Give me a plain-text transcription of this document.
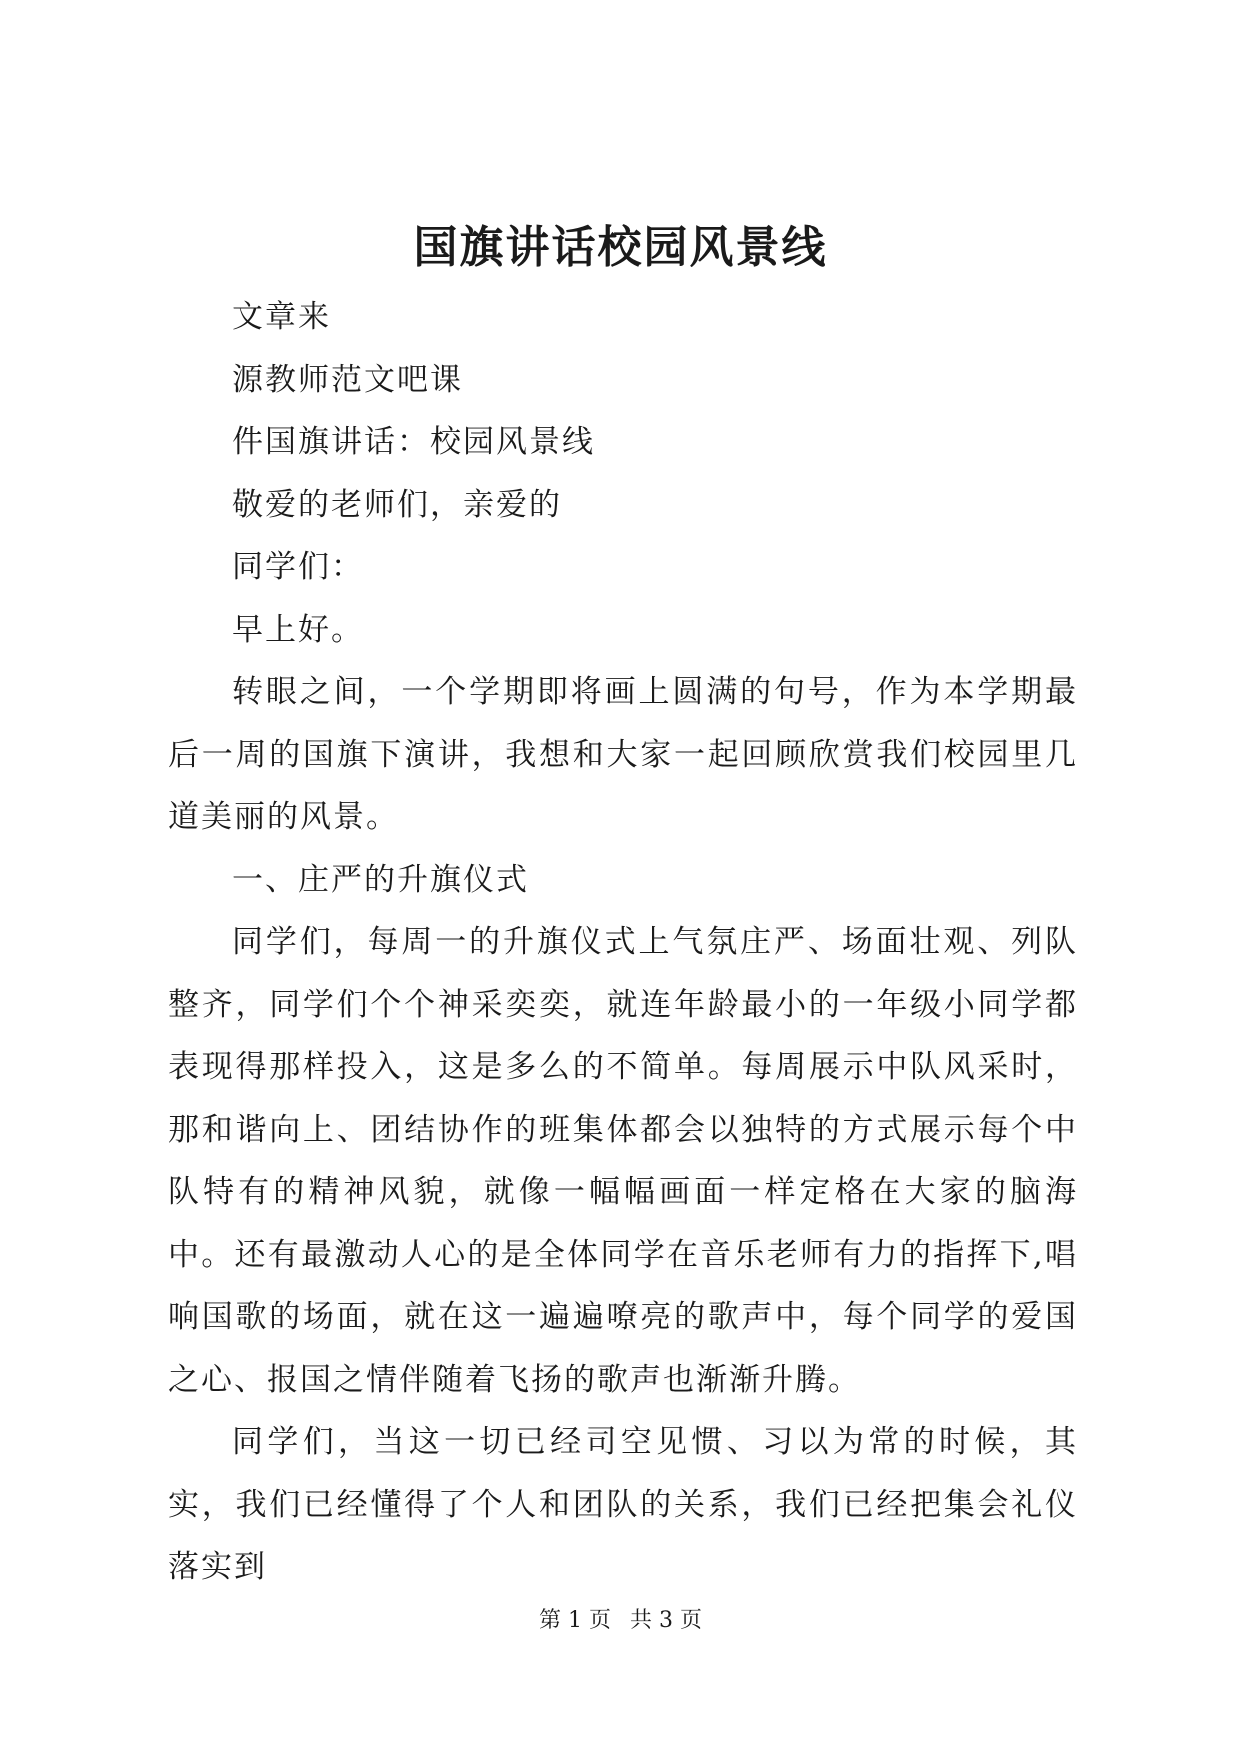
国旗讲话校园风景线

文章来

源教师范文吧课

件国旗讲话：校园风景线

敬爱的老师们，亲爱的

同学们：

早上好。

转眼之间，一个学期即将画上圆满的句号，作为本学期最后一周的国旗下演讲，我想和大家一起回顾欣赏我们校园里几道美丽的风景。

一、庄严的升旗仪式

同学们，每周一的升旗仪式上气氛庄严、场面壮观、列队整齐，同学们个个神采奕奕，就连年龄最小的一年级小同学都表现得那样投入，这是多么的不简单。每周展示中队风采时，那和谐向上、团结协作的班集体都会以独特的方式展示每个中队特有的精神风貌，就像一幅幅画面一样定格在大家的脑海中。还有最激动人心的是全体同学在音乐老师有力的指挥下,唱响国歌的场面，就在这一遍遍嘹亮的歌声中，每个同学的爱国之心、报国之情伴随着飞扬的歌声也渐渐升腾。

同学们，当这一切已经司空见惯、习以为常的时候，其实，我们已经懂得了个人和团队的关系，我们已经把集会礼仪落实到

第 1 页 共 3 页
